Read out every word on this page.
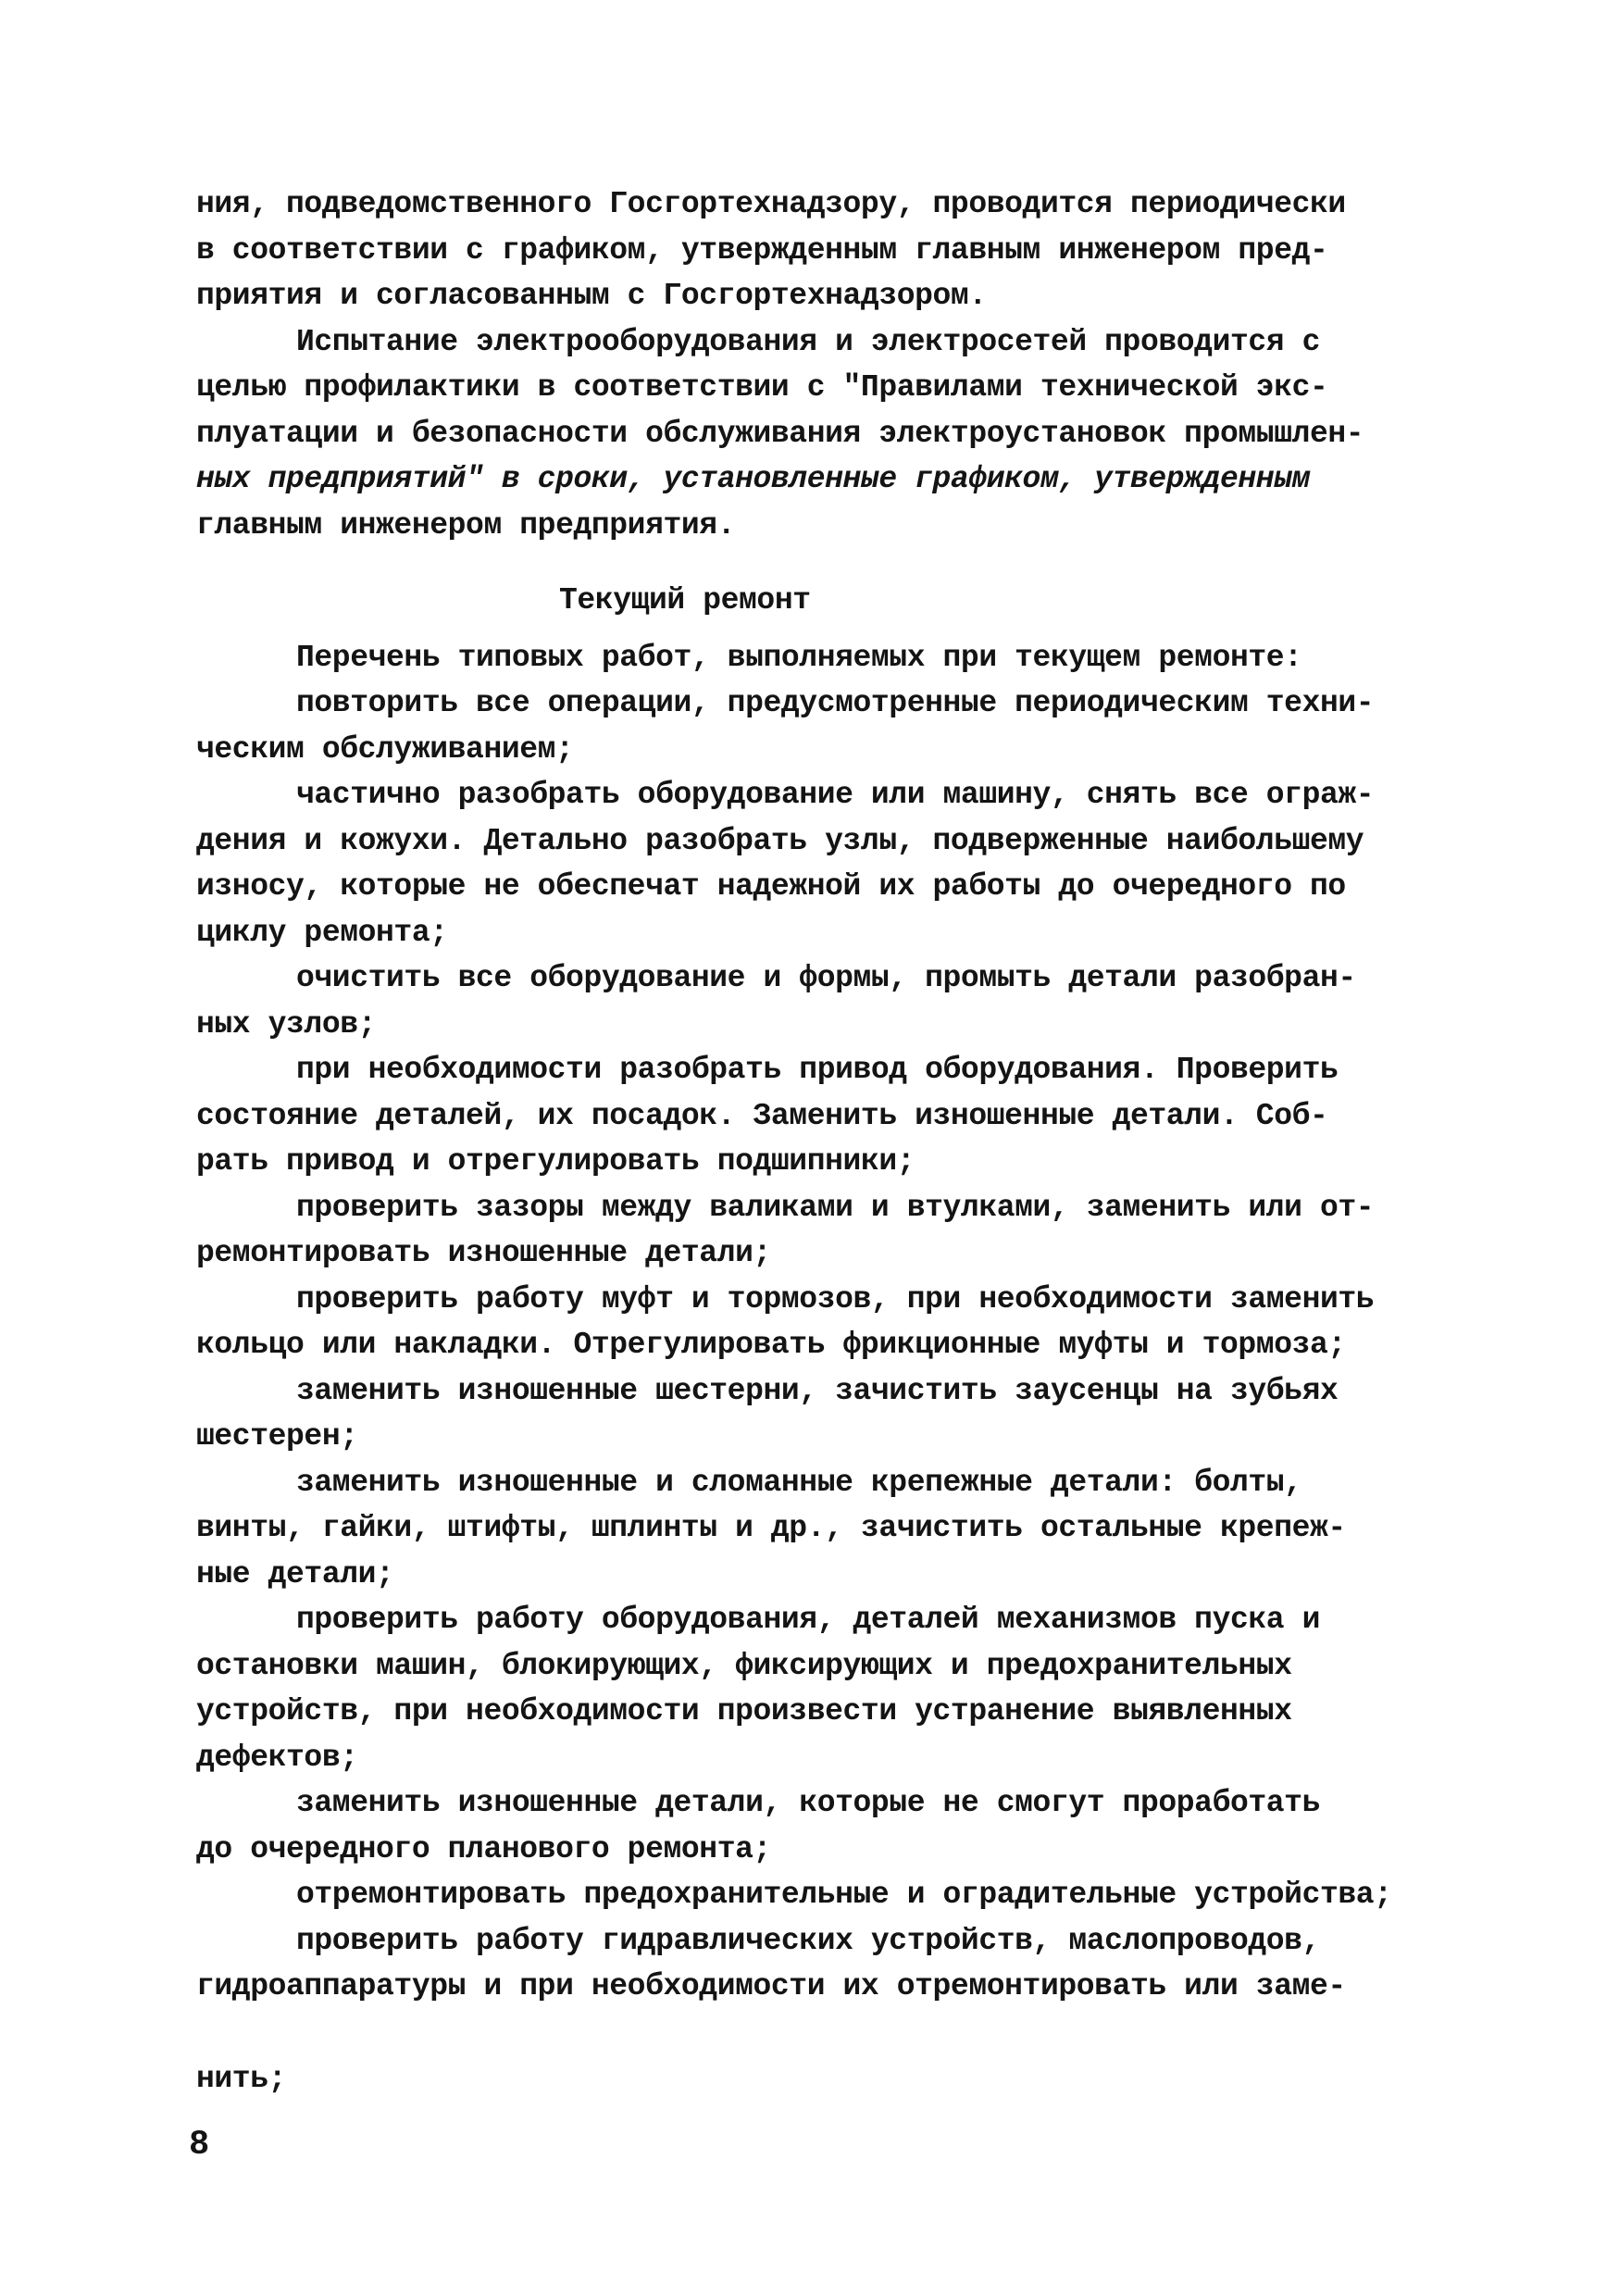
ния, подведомственного Госгортехнадзору, проводится периодически
в соответствии с графиком, утвержденным главным инженером пред-
приятия и согласованным с Госгортехнадзором.
Испытание электрооборудования и электросетей проводится с
целью профилактики в соответствии с "Правилами технической экс-
плуатации и безопасности обслуживания электроустановок промышлен-
ных предприятий" в сроки, установленные графиком, утвержденным
главным инженером предприятия.
Текущий ремонт
Перечень типовых работ, выполняемых при текущем ремонте:
повторить все операции, предусмотренные периодическим техни-
ческим обслуживанием;
частично разобрать оборудование или машину, снять все ограж-
дения и кожухи. Детально разобрать узлы, подверженные наибольшему
износу, которые не обеспечат надежной их работы до очередного по
циклу ремонта;
очистить все оборудование и формы, промыть детали разобран-
ных узлов;
при необходимости разобрать привод оборудования. Проверить
состояние деталей, их посадок. Заменить изношенные детали. Соб-
рать привод и отрегулировать подшипники;
проверить зазоры между валиками и втулками, заменить или от-
ремонтировать изношенные детали;
проверить работу муфт и тормозов, при необходимости заменить
кольцо или накладки. Отрегулировать фрикционные муфты и тормоза;
заменить изношенные шестерни, зачистить заусенцы на зубьях
шестерен;
заменить изношенные и сломанные крепежные детали: болты,
винты, гайки, штифты, шплинты и др., зачистить остальные крепеж-
ные детали;
проверить работу оборудования, деталей механизмов пуска и
остановки машин, блокирующих, фиксирующих и предохранительных
устройств, при необходимости произвести устранение выявленных
дефектов;
заменить изношенные детали, которые не смогут проработать
до очередного планового ремонта;
отремонтировать предохранительные и оградительные устройства;
проверить работу гидравлических устройств, маслопроводов,
гидроаппаратуры и при необходимости их отремонтировать или заме-
нить;
8
